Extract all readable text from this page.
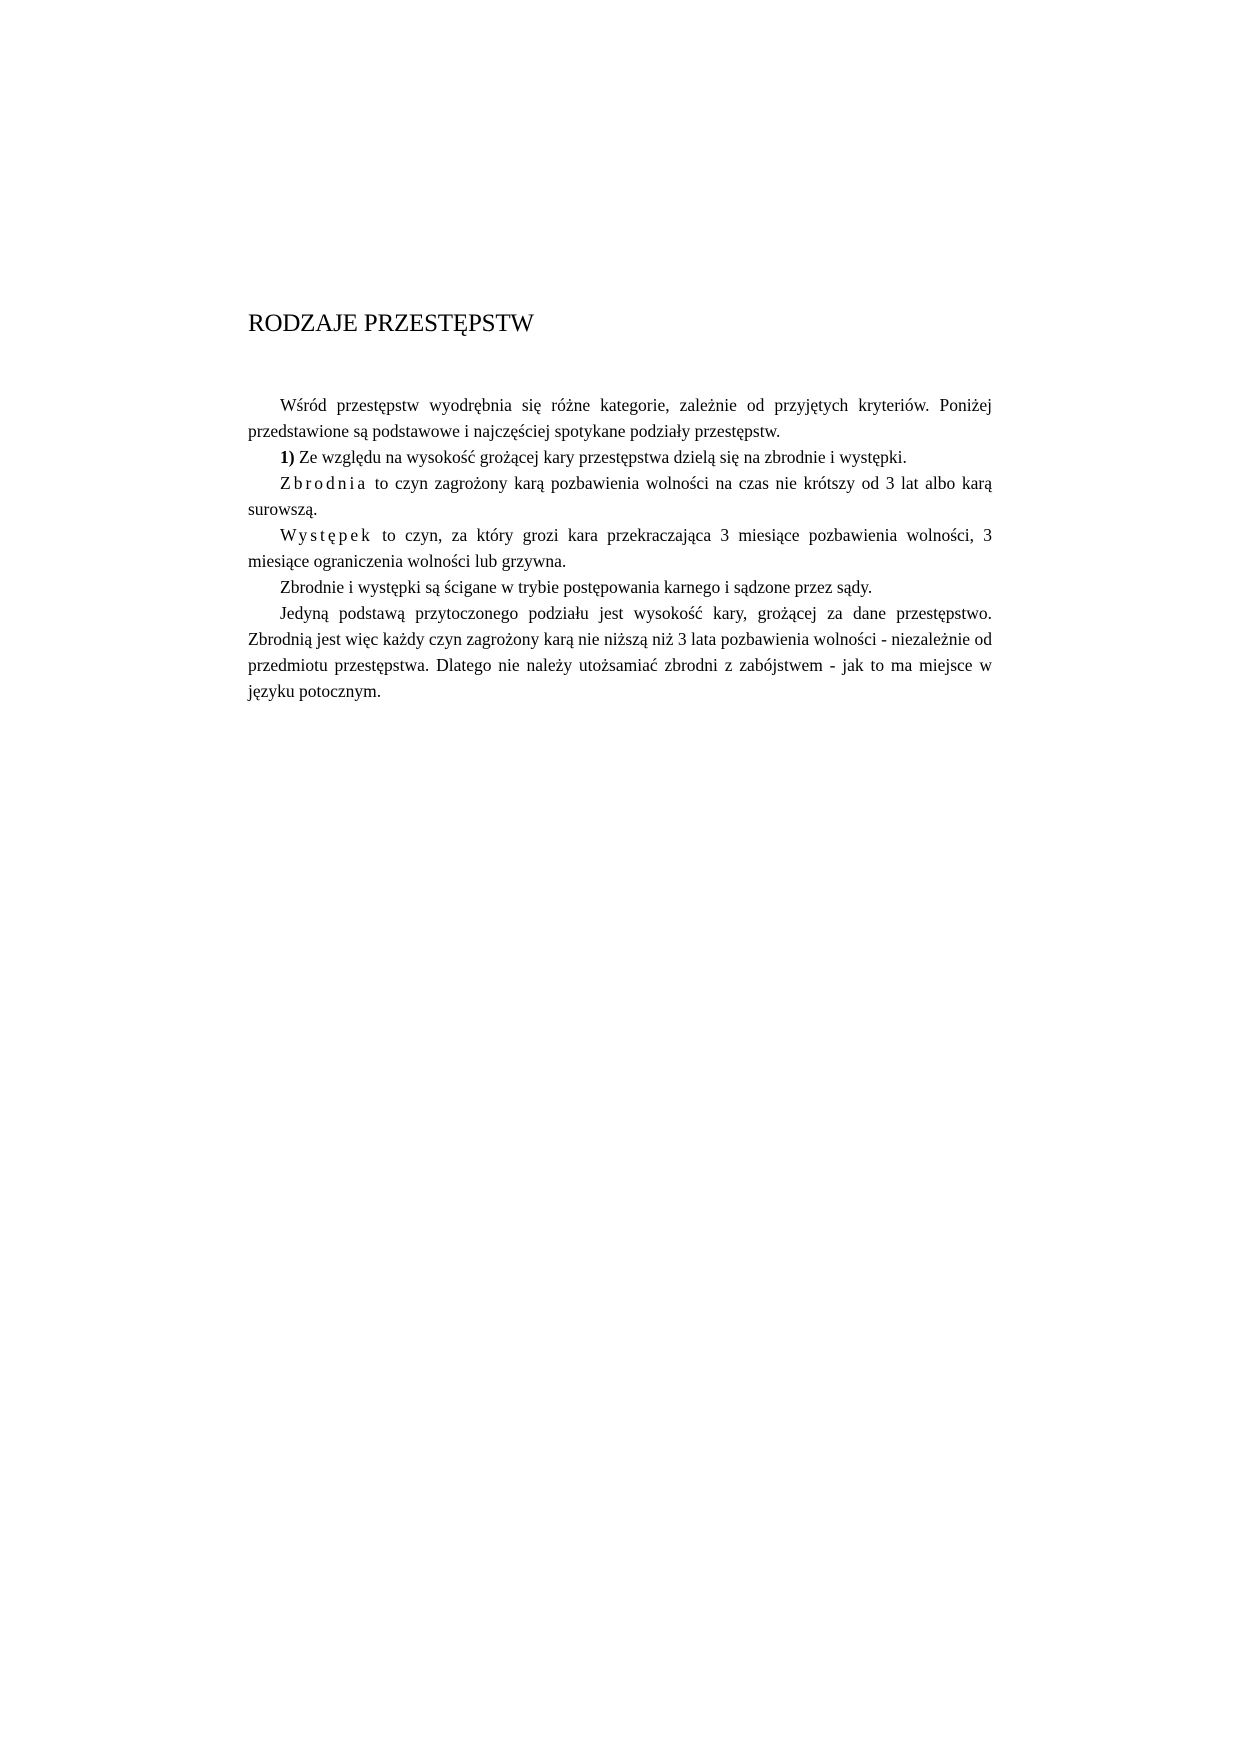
RODZAJE PRZESTĘPSTW

Wśród przestępstw wyodrębnia się różne kategorie, zależnie od przyjętych kryteriów. Poniżej przedstawione są podstawowe i najczęściej spotykane podziały przestępstw.

1) Ze względu na wysokość grożącej kary przestępstwa dzielą się na zbrodnie i występki.

Zbrodnia to czyn zagrożony karą pozbawienia wolności na czas nie krótszy od 3 lat albo karą surowszą.

Występek to czyn, za który grozi kara przekraczająca 3 miesiące pozbawienia wolności, 3 miesiące ograniczenia wolności lub grzywna.

Zbrodnie i występki są ścigane w trybie postępowania karnego i sądzone przez sądy.

Jedyną podstawą przytoczonego podziału jest wysokość kary, grożącej za dane przestępstwo. Zbrodnią jest więc każdy czyn zagrożony karą nie niższą niż 3 lata pozbawienia wolności - niezależnie od przedmiotu przestępstwa. Dlatego nie należy utożsamiać zbrodni z zabójstwem - jak to ma miejsce w języku potocznym.
